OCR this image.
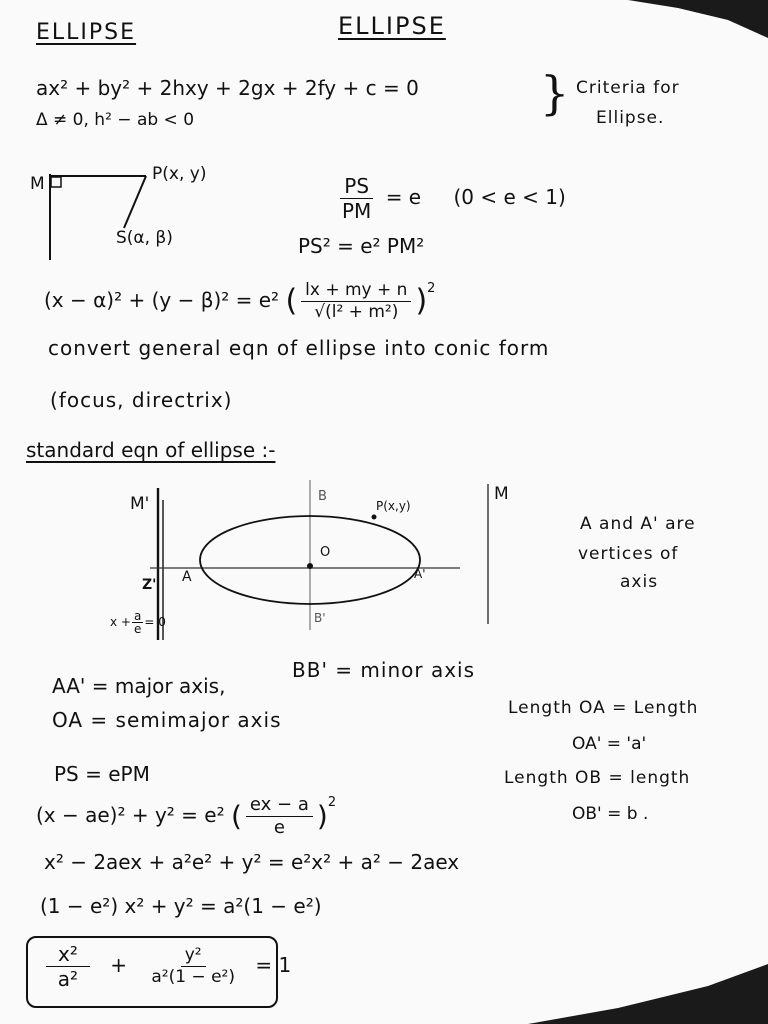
ELLIPSE	ELLIPSE
ax² + by² + 2hxy + 2gx + 2fy + c = 0
Δ ≠ 0, h² − ab < 0	} Criteria for
Ellipse.
M	P(x, y)
S(α, β)
$\frac{PS}{PM} = e$ (0 < e < 1)
PS² = e² PM²
(x − α)² + (y − β)² = e² ( $\frac{lx + my + n}{\text{√(l² + m²)}} )^2$
convert general eqn of ellipse into conic form
(focus, directrix)
standard eqn of ellipse :-
M'	M
B
P(x,y)
O
Z' A	A'
B'
$x + \frac{a}{e} = 0$
A and A' are
vertices of
axis
AA' = major axis,
BB' = minor axis
OA = semimajor axis	Length OA = Length
OA' = 'a'
Length OB = length
OB' = b .
PS = ePM
(x − ae)² + y² = e² ( $\frac{ex - a}{e} )^2$
x² − 2aex + a²e² + y² = e²x² + a² − 2aex
(1 − e²) x² + y² = a²(1 − e²)
$\frac{\text{x²}}{\text{a²}} + \frac{\text{y²}}{\text{a²(1 − e²)}} = 1$
